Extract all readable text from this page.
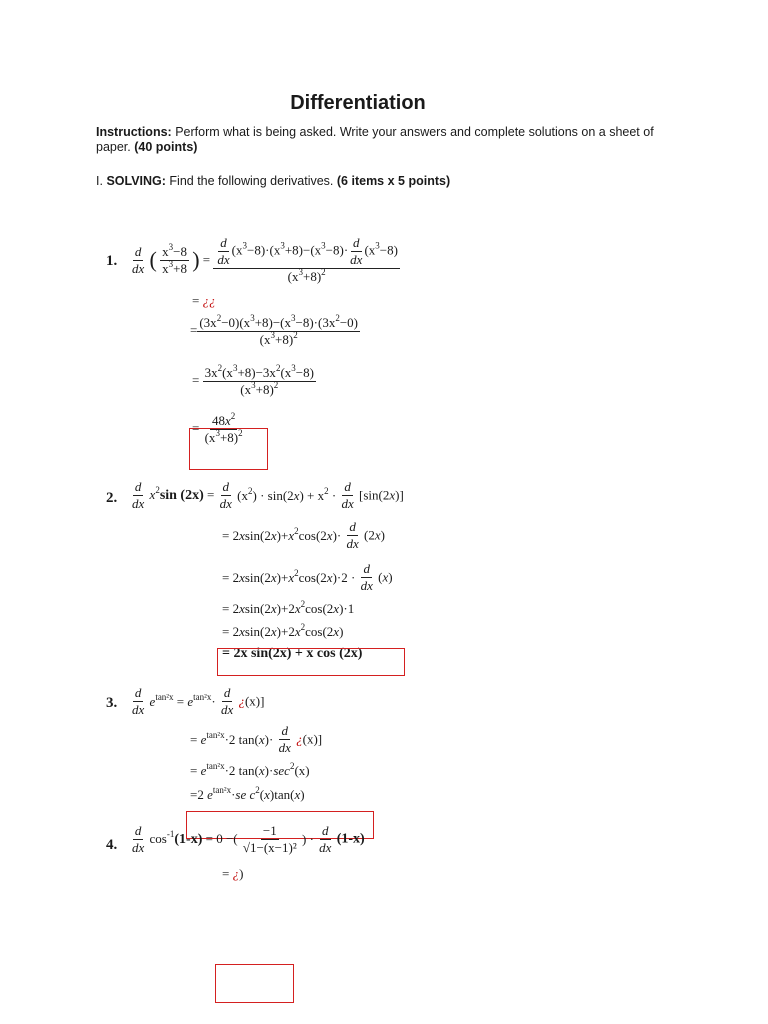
Differentiation
Instructions: Perform what is being asked. Write your answers and complete solutions on a sheet of paper. (40 points)
I. SOLVING: Find the following derivatives. (6 items x 5 points)
1. $\frac{d}{dx}$ ( $\frac{x^3-8}{x^3+8}$ ) = $\frac{\frac{d}{dx} (x^3-8)\cdot(x^3+8)-(x^3-8)\cdot \frac{d}{dx} (x^3-8)}{(x^3+8)^2}$
= ¿¿
= $\frac{(3x^2-0)(x^3+8)-(x^3-8)\cdot(3x^2-0)}{(x^3+8)^2}$
= $\frac{3x^2(x^3+8)-3x^2(x^3-8)}{(x^3+8)^2}$
= $\frac{48x^2}{(x^3+8)^2}$
2. $\frac{d}{dx} x^2\sin$ $(2x) = \frac{d}{dx} (x^2) \cdot \sin(2x) + x^2 \cdot \frac{d}{dx} [\sin(2x)]$
= $2xsin(2x)+x^2\cos(2x)\cdot \frac{d}{dx} (2x)$
= $2xsin(2x)+x^2\cos(2x)\cdot 2 \cdot \frac{d}{dx} (x)$
= $2xsin(2x)+2x^2\cos(2x)\cdot 1$
= $2xsin(2x)+2x^2\cos(2x)$
= 2x sin(2x) + x cos (2x)
3. $\frac{d}{dx} e^{tan^2x} = e^{tan^2x}\cdot \frac{d}{dx}$ ¿(x)]
= $e^{tan^2x}\cdot 2$ $\tan(x)\cdot \frac{d}{dx}$ ¿(x)]
= $e^{tan^2x}\cdot 2$ $\tan(x)\cdot\sec^2(x)$
=2 $e^{tan^2x}\cdot se$ $c^2(x)\tan(x)$
4. $\frac{d}{dx} \cos^{-1}(1-x) = 0$ −( $\frac{-1}{\text{√1−(x−1)²}}$ ) · $\frac{d}{dx} (1-x)$
= ¿)
